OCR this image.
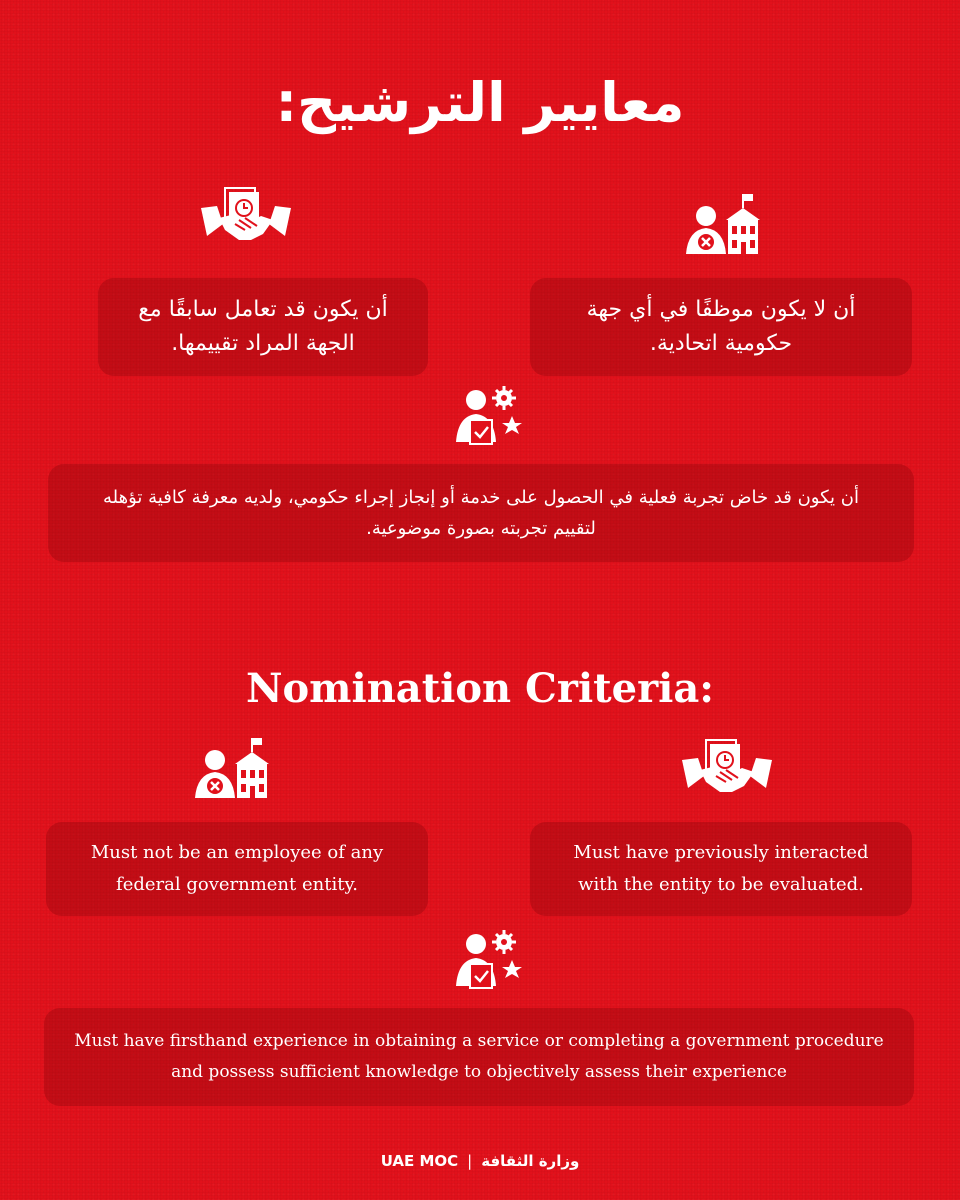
معايير الترشيح:
أن يكون قد تعامل سابقًا مع الجهة المراد تقييمها.
أن لا يكون موظفًا في أي جهة حكومية اتحادية.
أن يكون قد خاض تجربة فعلية في الحصول على خدمة أو إنجاز إجراء حكومي، ولديه معرفة كافية تؤهله لتقييم تجربته بصورة موضوعية.
Nomination Criteria:
Must not be an employee of any federal government entity.
Must have previously interacted with the entity to be evaluated.
Must have firsthand experience in obtaining a service or completing a government procedure and possess sufficient knowledge to objectively assess their experience
UAE MOC | وزارة الثقافة
